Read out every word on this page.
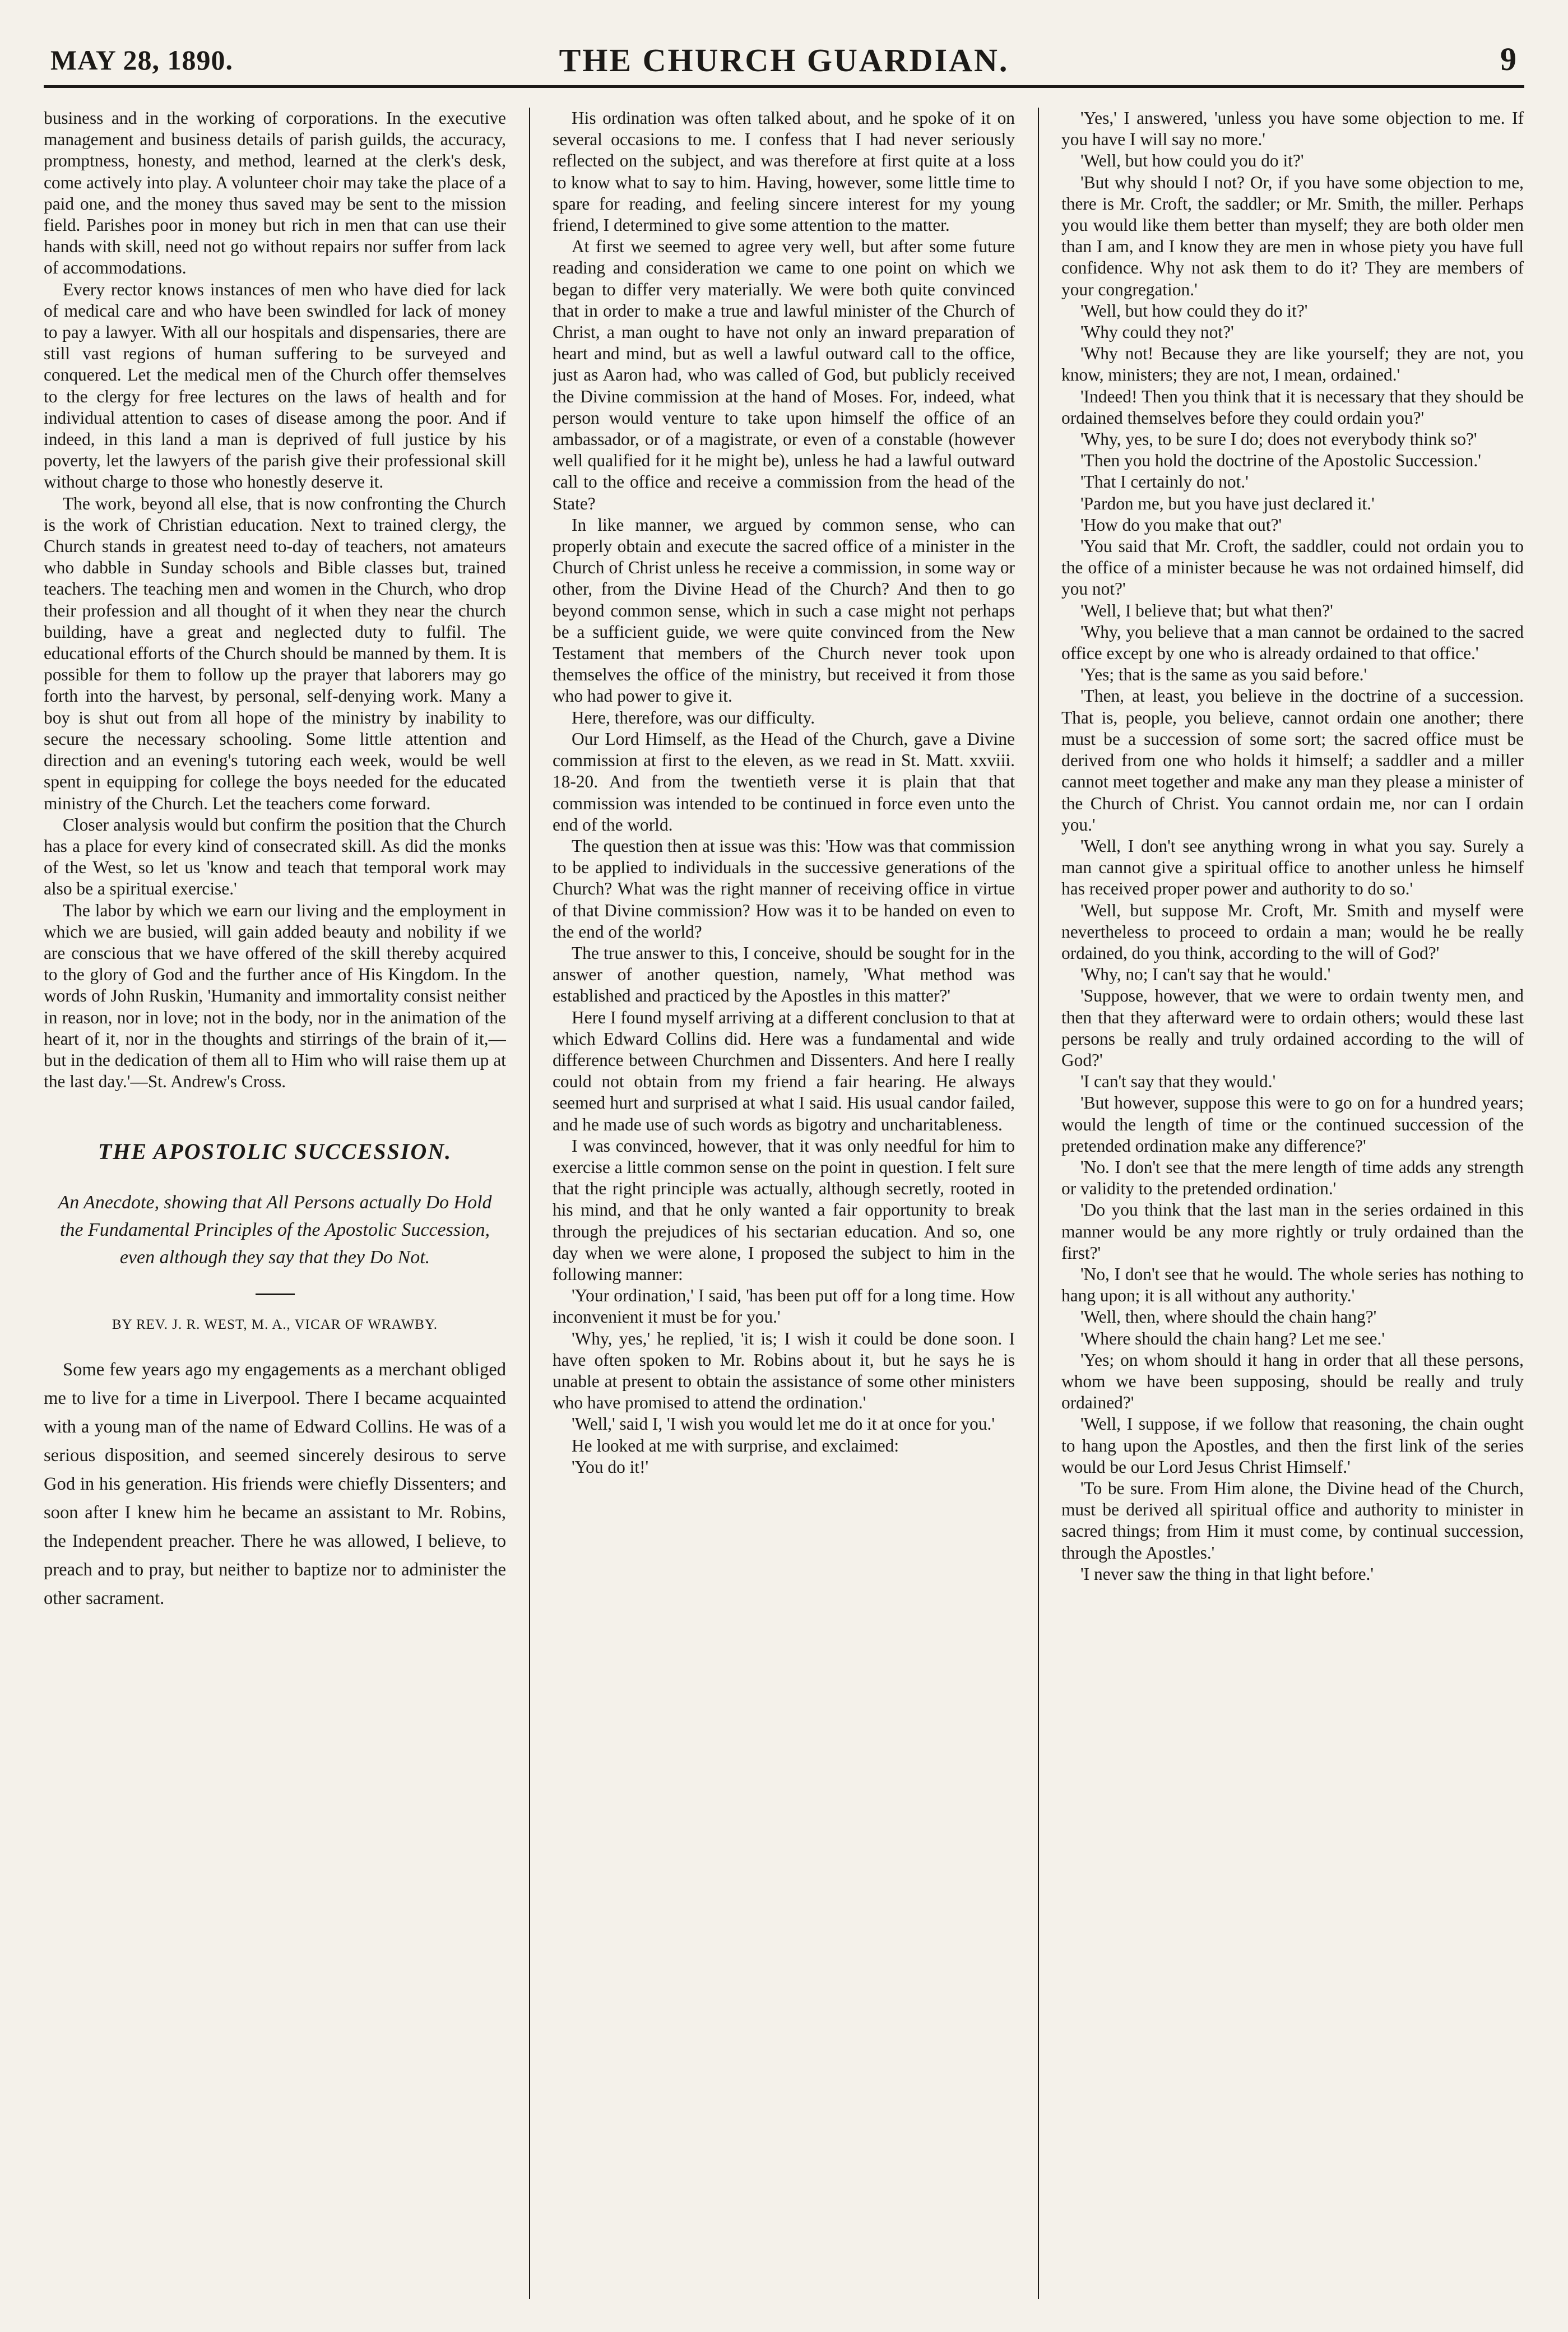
MAY 28, 1890.	THE CHURCH GUARDIAN.	9

business and in the working of corporations. In the executive management and business details of parish guilds, the accuracy, promptness, honesty, and method, learned at the clerk's desk, come actively into play. A volunteer choir may take the place of a paid one, and the money thus saved may be sent to the mission field. Parishes poor in money but rich in men that can use their hands with skill, need not go without repairs nor suffer from lack of accommodations.

Every rector knows instances of men who have died for lack of medical care and who have been swindled for lack of money to pay a lawyer. With all our hospitals and dispensaries, there are still vast regions of human suffering to be surveyed and conquered. Let the medical men of the Church offer themselves to the clergy for free lectures on the laws of health and for individual attention to cases of disease among the poor. And if indeed, in this land a man is deprived of full justice by his poverty, let the lawyers of the parish give their professional skill without charge to those who honestly deserve it.

The work, beyond all else, that is now confronting the Church is the work of Christian education. Next to trained clergy, the Church stands in greatest need to-day of teachers, not amateurs who dabble in Sunday schools and Bible classes but, trained teachers. The teaching men and women in the Church, who drop their profession and all thought of it when they near the church building, have a great and neglected duty to fulfil. The educational efforts of the Church should be manned by them. It is possible for them to follow up the prayer that laborers may go forth into the harvest, by personal, self-denying work. Many a boy is shut out from all hope of the ministry by inability to secure the necessary schooling. Some little attention and direction and an evening's tutoring each week, would be well spent in equipping for college the boys needed for the educated ministry of the Church. Let the teachers come forward.

Closer analysis would but confirm the position that the Church has a place for every kind of consecrated skill. As did the monks of the West, so let us 'know and teach that temporal work may also be a spiritual exercise.'

The labor by which we earn our living and the employment in which we are busied, will gain added beauty and nobility if we are conscious that we have offered of the skill thereby acquired to the glory of God and the further ance of His Kingdom. In the words of John Ruskin, 'Humanity and immortality consist neither in reason, nor in love; not in the body, nor in the animation of the heart of it, nor in the thoughts and stirrings of the brain of it,—but in the dedication of them all to Him who will raise them up at the last day.'—St. Andrew's Cross.

THE APOSTOLIC SUCCESSION.
An Anecdote, showing that All Persons actually Do Hold the Fundamental Principles of the Apostolic Succession, even although they say that they Do Not.
BY REV. J. R. WEST, M. A., VICAR OF WRAWBY.

Some few years ago my engagements as a merchant obliged me to live for a time in Liverpool. There I became acquainted with a young man of the name of Edward Collins. He was of a serious disposition, and seemed sincerely desirous to serve God in his generation. His friends were chiefly Dissenters; and soon after I knew him he became an assistant to Mr. Robins, the Independent preacher. There he was allowed, I believe, to preach and to pray, but neither to baptize nor to administer the other sacrament.

His ordination was often talked about, and he spoke of it on several occasions to me. I confess that I had never seriously reflected on the subject, and was therefore at first quite at a loss to know what to say to him. Having, however, some little time to spare for reading, and feeling sincere interest for my young friend, I determined to give some attention to the matter.

At first we seemed to agree very well, but after some future reading and consideration we came to one point on which we began to differ very materially. We were both quite convinced that in order to make a true and lawful minister of the Church of Christ, a man ought to have not only an inward preparation of heart and mind, but as well a lawful outward call to the office, just as Aaron had, who was called of God, but publicly received the Divine commission at the hand of Moses. For, indeed, what person would venture to take upon himself the office of an ambassador, or of a magistrate, or even of a constable (however well qualified for it he might be), unless he had a lawful outward call to the office and receive a commission from the head of the State?

In like manner, we argued by common sense, who can properly obtain and execute the sacred office of a minister in the Church of Christ unless he receive a commission, in some way or other, from the Divine Head of the Church? And then to go beyond common sense, which in such a case might not perhaps be a sufficient guide, we were quite convinced from the New Testament that members of the Church never took upon themselves the office of the ministry, but received it from those who had power to give it.

Here, therefore, was our difficulty.

Our Lord Himself, as the Head of the Church, gave a Divine commission at first to the eleven, as we read in St. Matt. xxviii. 18-20. And from the twentieth verse it is plain that that commission was intended to be continued in force even unto the end of the world.

The question then at issue was this: 'How was that commission to be applied to individuals in the successive generations of the Church? What was the right manner of receiving office in virtue of that Divine commission? How was it to be handed on even to the end of the world?

The true answer to this, I conceive, should be sought for in the answer of another question, namely, 'What method was established and practiced by the Apostles in this matter?'

Here I found myself arriving at a different conclusion to that at which Edward Collins did. Here was a fundamental and wide difference between Churchmen and Dissenters. And here I really could not obtain from my friend a fair hearing. He always seemed hurt and surprised at what I said. His usual candor failed, and he made use of such words as bigotry and uncharitableness.

I was convinced, however, that it was only needful for him to exercise a little common sense on the point in question. I felt sure that the right principle was actually, although secretly, rooted in his mind, and that he only wanted a fair opportunity to break through the prejudices of his sectarian education. And so, one day when we were alone, I proposed the subject to him in the following manner:

'Your ordination,' I said, 'has been put off for a long time. How inconvenient it must be for you.'

'Why, yes,' he replied, 'it is; I wish it could be done soon. I have often spoken to Mr. Robins about it, but he says he is unable at present to obtain the assistance of some other ministers who have promised to attend the ordination.'

'Well,' said I, 'I wish you would let me do it at once for you.'

He looked at me with surprise, and exclaimed:

'You do it!'

'Yes,' I answered, 'unless you have some objection to me. If you have I will say no more.'

'Well, but how could you do it?'

'But why should I not? Or, if you have some objection to me, there is Mr. Croft, the saddler; or Mr. Smith, the miller. Perhaps you would like them better than myself; they are both older men than I am, and I know they are men in whose piety you have full confidence. Why not ask them to do it? They are members of your congregation.'

'Well, but how could they do it?'

'Why could they not?'

'Why not! Because they are like yourself; they are not, you know, ministers; they are not, I mean, ordained.'

'Indeed! Then you think that it is necessary that they should be ordained themselves before they could ordain you?'

'Why, yes, to be sure I do; does not everybody think so?'

'Then you hold the doctrine of the Apostolic Succession.'

'That I certainly do not.'

'Pardon me, but you have just declared it.'

'How do you make that out?'

'You said that Mr. Croft, the saddler, could not ordain you to the office of a minister because he was not ordained himself, did you not?'

'Well, I believe that; but what then?'

'Why, you believe that a man cannot be ordained to the sacred office except by one who is already ordained to that office.'

'Yes; that is the same as you said before.'

'Then, at least, you believe in the doctrine of a succession. That is, people, you believe, cannot ordain one another; there must be a succession of some sort; the sacred office must be derived from one who holds it himself; a saddler and a miller cannot meet together and make any man they please a minister of the Church of Christ. You cannot ordain me, nor can I ordain you.'

'Well, I don't see anything wrong in what you say. Surely a man cannot give a spiritual office to another unless he himself has received proper power and authority to do so.'

'Well, but suppose Mr. Croft, Mr. Smith and myself were nevertheless to proceed to ordain a man; would he be really ordained, do you think, according to the will of God?'

'Why, no; I can't say that he would.'

'Suppose, however, that we were to ordain twenty men, and then that they afterward were to ordain others; would these last persons be really and truly ordained according to the will of God?'

'I can't say that they would.'

'But however, suppose this were to go on for a hundred years; would the length of time or the continued succession of the pretended ordination make any difference?'

'No. I don't see that the mere length of time adds any strength or validity to the pretended ordination.'

'Do you think that the last man in the series ordained in this manner would be any more rightly or truly ordained than the first?'

'No, I don't see that he would. The whole series has nothing to hang upon; it is all without any authority.'

'Well, then, where should the chain hang?'

'Where should the chain hang? Let me see.'

'Yes; on whom should it hang in order that all these persons, whom we have been supposing, should be really and truly ordained?'

'Well, I suppose, if we follow that reasoning, the chain ought to hang upon the Apostles, and then the first link of the series would be our Lord Jesus Christ Himself.'

'To be sure. From Him alone, the Divine head of the Church, must be derived all spiritual office and authority to minister in sacred things; from Him it must come, by continual succession, through the Apostles.'

'I never saw the thing in that light before.'
